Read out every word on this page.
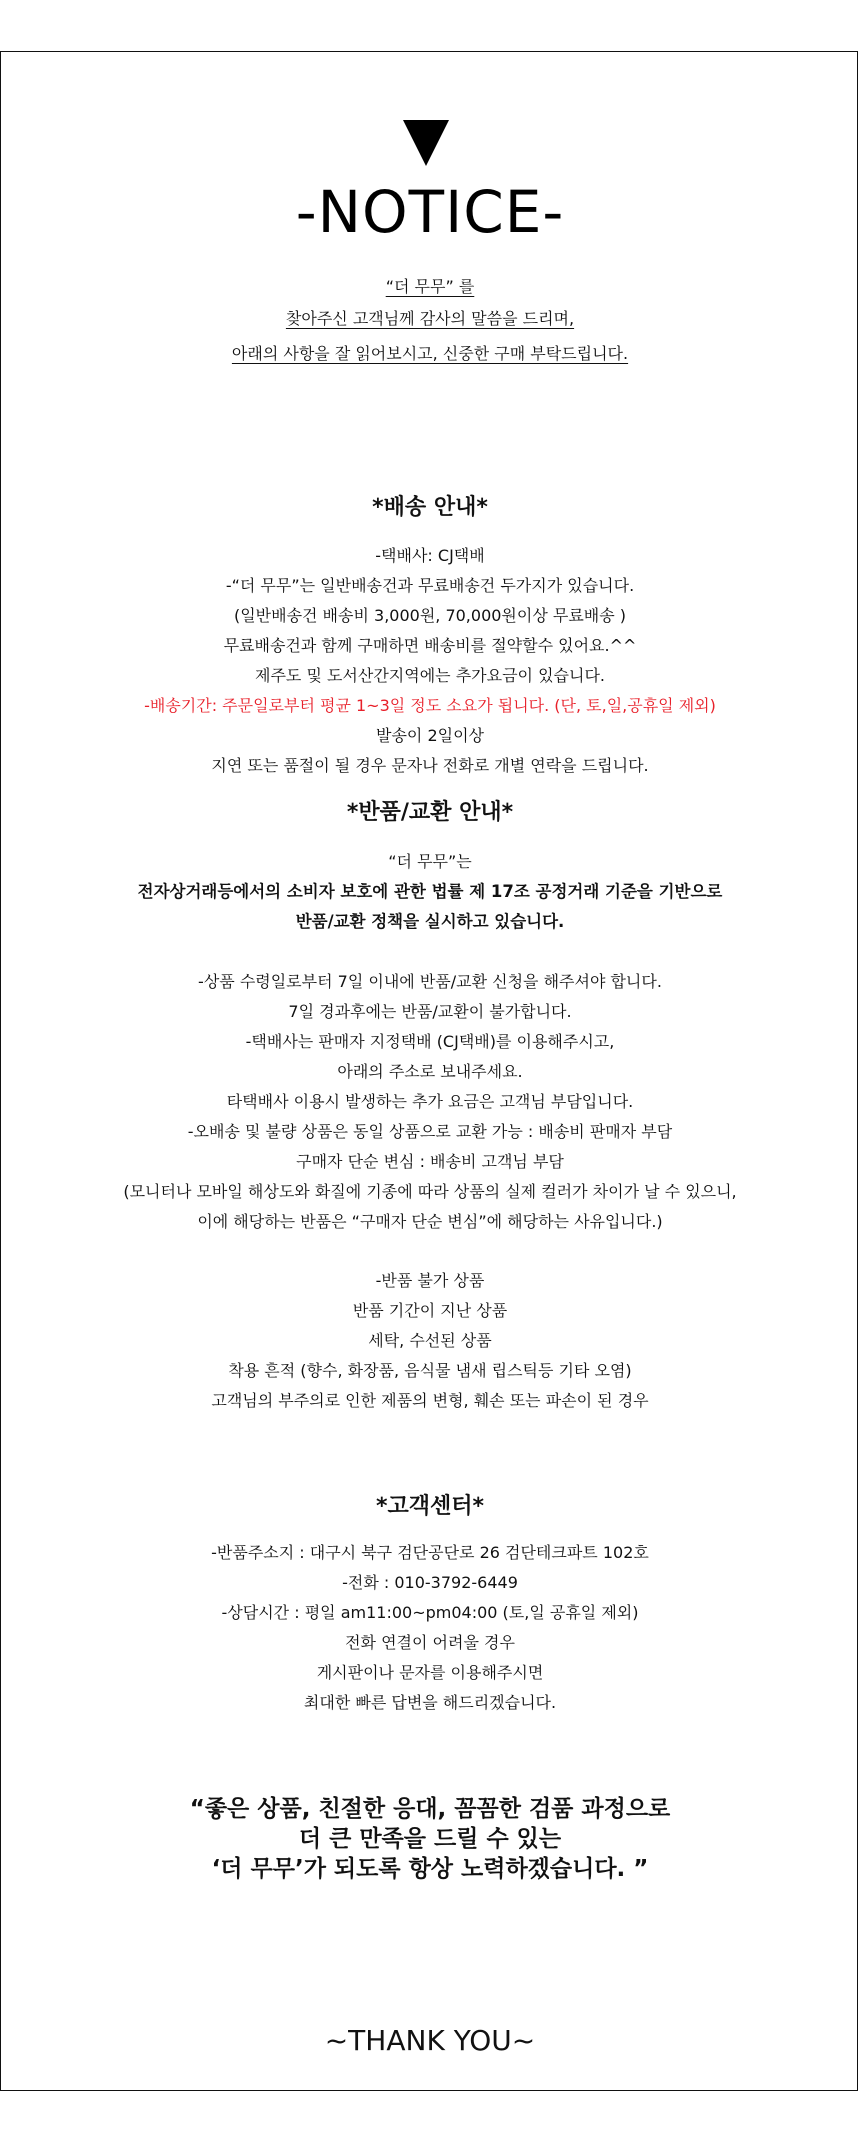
-NOTICE-
“더 무무” 를
찾아주신 고객님께 감사의 말씀을 드리며,
아래의 사항을 잘 읽어보시고, 신중한 구매 부탁드립니다.
*배송 안내*
-택배사: CJ택배
-“더 무무”는 일반배송건과 무료배송건 두가지가 있습니다.
(일반배송건 배송비 3,000원, 70,000원이상 무료배송 )
무료배송건과 함께 구매하면 배송비를 절약할수 있어요.^^
제주도 및 도서산간지역에는 추가요금이 있습니다.
-배송기간: 주문일로부터 평균 1~3일 정도 소요가 됩니다. (단, 토,일,공휴일 제외)
발송이 2일이상
지연 또는 품절이 될 경우 문자나 전화로 개별 연락을 드립니다.
*반품/교환 안내*
“더 무무”는
전자상거래등에서의 소비자 보호에 관한 법률 제 17조 공정거래 기준을 기반으로
반품/교환 정책을 실시하고 있습니다.
-상품 수령일로부터 7일 이내에 반품/교환 신청을 해주셔야 합니다.
7일 경과후에는 반품/교환이 불가합니다.
-택배사는 판매자 지정택배 (CJ택배)를 이용해주시고,
아래의 주소로 보내주세요.
타택배사 이용시 발생하는 추가 요금은 고객님 부담입니다.
-오배송 및 불량 상품은 동일 상품으로 교환 가능 : 배송비 판매자 부담
구매자 단순 변심 : 배송비 고객님 부담
(모니터나 모바일 해상도와 화질에 기종에 따라 상품의 실제 컬러가 차이가 날 수 있으니,
이에 해당하는 반품은 “구매자 단순 변심”에 해당하는 사유입니다.)
-반품 불가 상품
반품 기간이 지난 상품
세탁, 수선된 상품
착용 흔적 (향수, 화장품, 음식물 냄새 립스틱등 기타 오염)
고객님의 부주의로 인한 제품의 변형, 훼손 또는 파손이 된 경우
*고객센터*
-반품주소지 : 대구시 북구 검단공단로 26 검단테크파트 102호
-전화 : 010-3792-6449
-상담시간 : 평일 am11:00~pm04:00 (토,일 공휴일 제외)
전화 연결이 어려울 경우
게시판이나 문자를 이용해주시면
최대한 빠른 답변을 해드리겠습니다.
“좋은 상품, 친절한 응대, 꼼꼼한 검품 과정으로
더 큰 만족을 드릴 수 있는
‘더 무무’가 되도록 항상 노력하겠습니다. ”
~THANK YOU~
